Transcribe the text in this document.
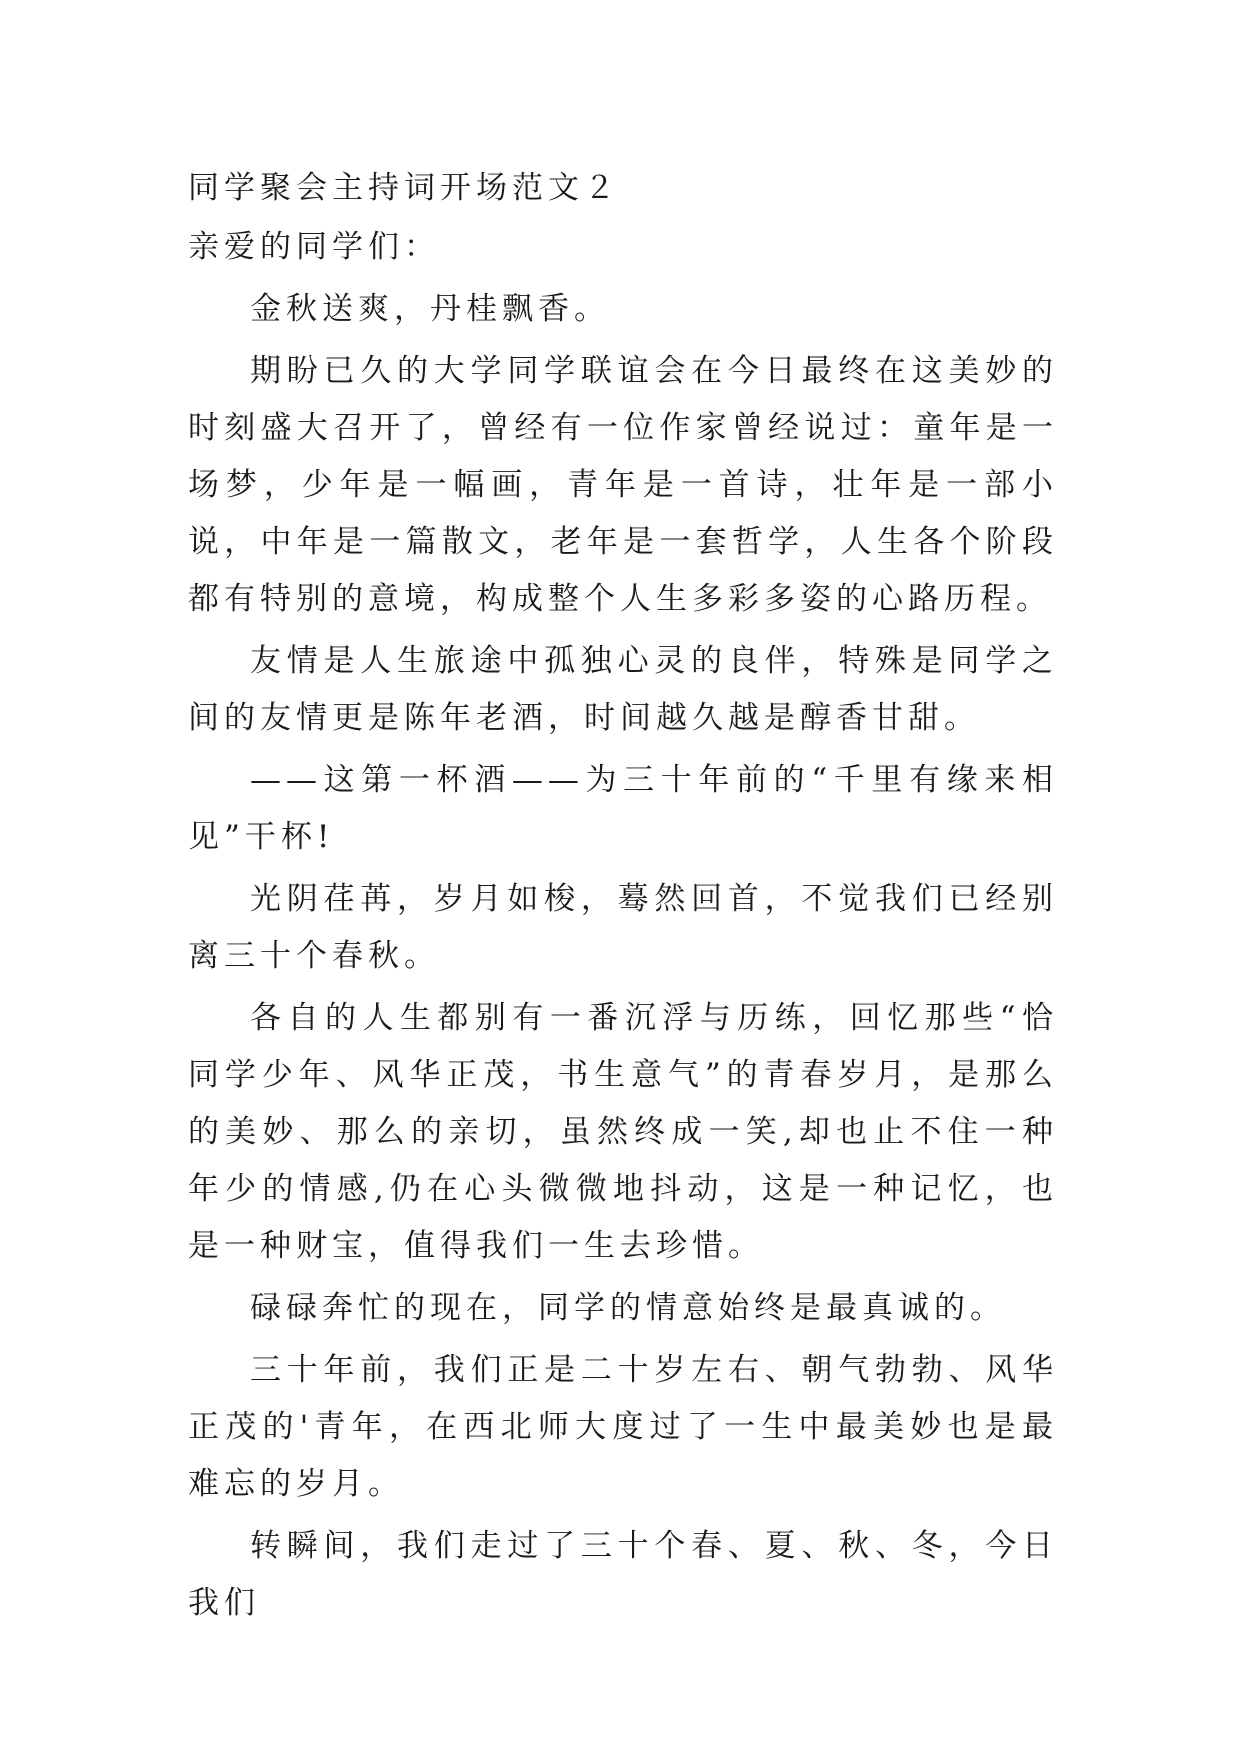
同学聚会主持词开场范文２

亲爱的同学们：

金秋送爽，丹桂飘香。

期盼已久的大学同学联谊会在今日最终在这美妙的时刻盛大召开了，曾经有一位作家曾经说过：童年是一场梦，少年是一幅画，青年是一首诗，壮年是一部小说，中年是一篇散文，老年是一套哲学，人生各个阶段都有特别的意境，构成整个人生多彩多姿的心路历程。

友情是人生旅途中孤独心灵的良伴，特殊是同学之间的友情更是陈年老酒，时间越久越是醇香甘甜。

——这第一杯酒——为三十年前的“千里有缘来相见”干杯!

光阴荏苒，岁月如梭，蓦然回首，不觉我们已经别离三十个春秋。

各自的人生都别有一番沉浮与历练，回忆那些“恰同学少年、风华正茂，书生意气”的青春岁月，是那么的美妙、那么的亲切，虽然终成一笑,却也止不住一种年少的情感,仍在心头微微地抖动，这是一种记忆，也是一种财宝，值得我们一生去珍惜。

碌碌奔忙的现在，同学的情意始终是最真诚的。

三十年前，我们正是二十岁左右、朝气勃勃、风华正茂的'青年，在西北师大度过了一生中最美妙也是最难忘的岁月。

转瞬间，我们走过了三十个春、夏、秋、冬，今日我们
